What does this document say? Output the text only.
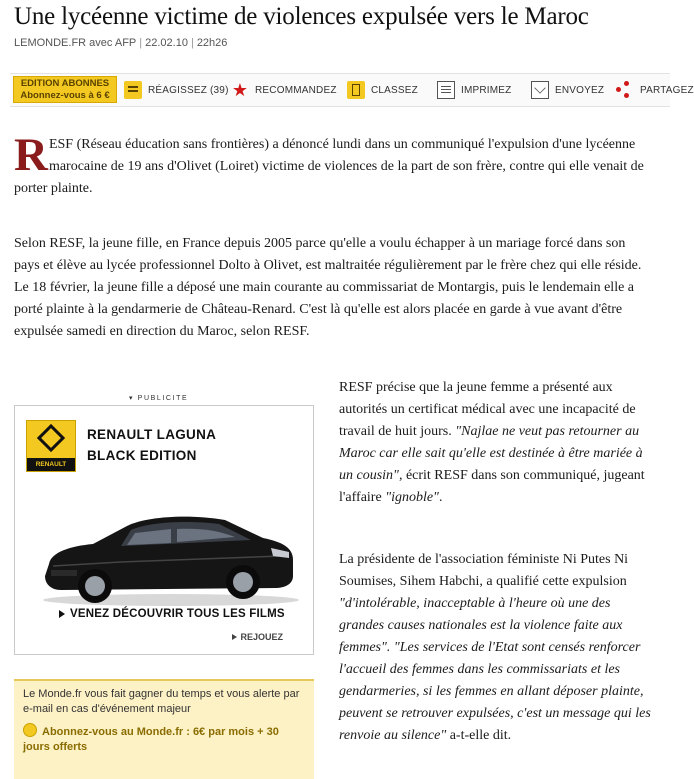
Une lycéenne victime de violences expulsée vers le Maroc
LEMONDE.FR avec AFP | 22.02.10 | 22h26
EDITION ABONNES
Abonnez-vous à 6 €	RÉAGISSEZ (39) ★ RECOMMANDEZ	CLASSEZ	IMPRIMEZ	ENVOYEZ	PARTAGEZ

RESF (Réseau éducation sans frontières) a dénoncé lundi dans un communiqué l'expulsion d'une lycéenne marocaine de 19 ans d'Olivet (Loiret) victime de violences de la part de son frère, contre qui elle venait de porter plainte.

Selon RESF, la jeune fille, en France depuis 2005 parce qu'elle a voulu échapper à un mariage forcé dans son pays et élève au lycée professionnel Dolto à Olivet, est maltraitée régulièrement par le frère chez qui elle réside. Le 18 février, la jeune fille a déposé une main courante au commissariat de Montargis, puis le lendemain elle a porté plainte à la gendarmerie de Château-Renard. C'est là qu'elle est alors placée en garde à vue avant d'être expulsée samedi en direction du Maroc, selon RESF.

▾ PUBLICITE
RENAULT
RENAULT LAGUNA
BLACK EDITION
VENEZ DÉCOUVRIR TOUS LES FILMS
REJOUEZ
Le Monde.fr vous fait gagner du temps et vous alerte par e-mail en cas d'événement majeur
Abonnez-vous au Monde.fr : 6€ par mois + 30 jours offerts

RESF précise que la jeune femme a présenté aux autorités un certificat médical avec une incapacité de travail de huit jours. "Najlae ne veut pas retourner au Maroc car elle sait qu'elle est destinée à être mariée à un cousin", écrit RESF dans son communiqué, jugeant l'affaire "ignoble".

La présidente de l'association féministe Ni Putes Ni Soumises, Sihem Habchi, a qualifié cette expulsion "d'intolérable, inacceptable à l'heure où une des grandes causes nationales est la violence faite aux femmes". "Les services de l'Etat sont censés renforcer l'accueil des femmes dans les commissariats et les gendarmeries, si les femmes en allant déposer plainte, peuvent se retrouver expulsées, c'est un message qui les renvoie au silence" a-t-elle dit.
